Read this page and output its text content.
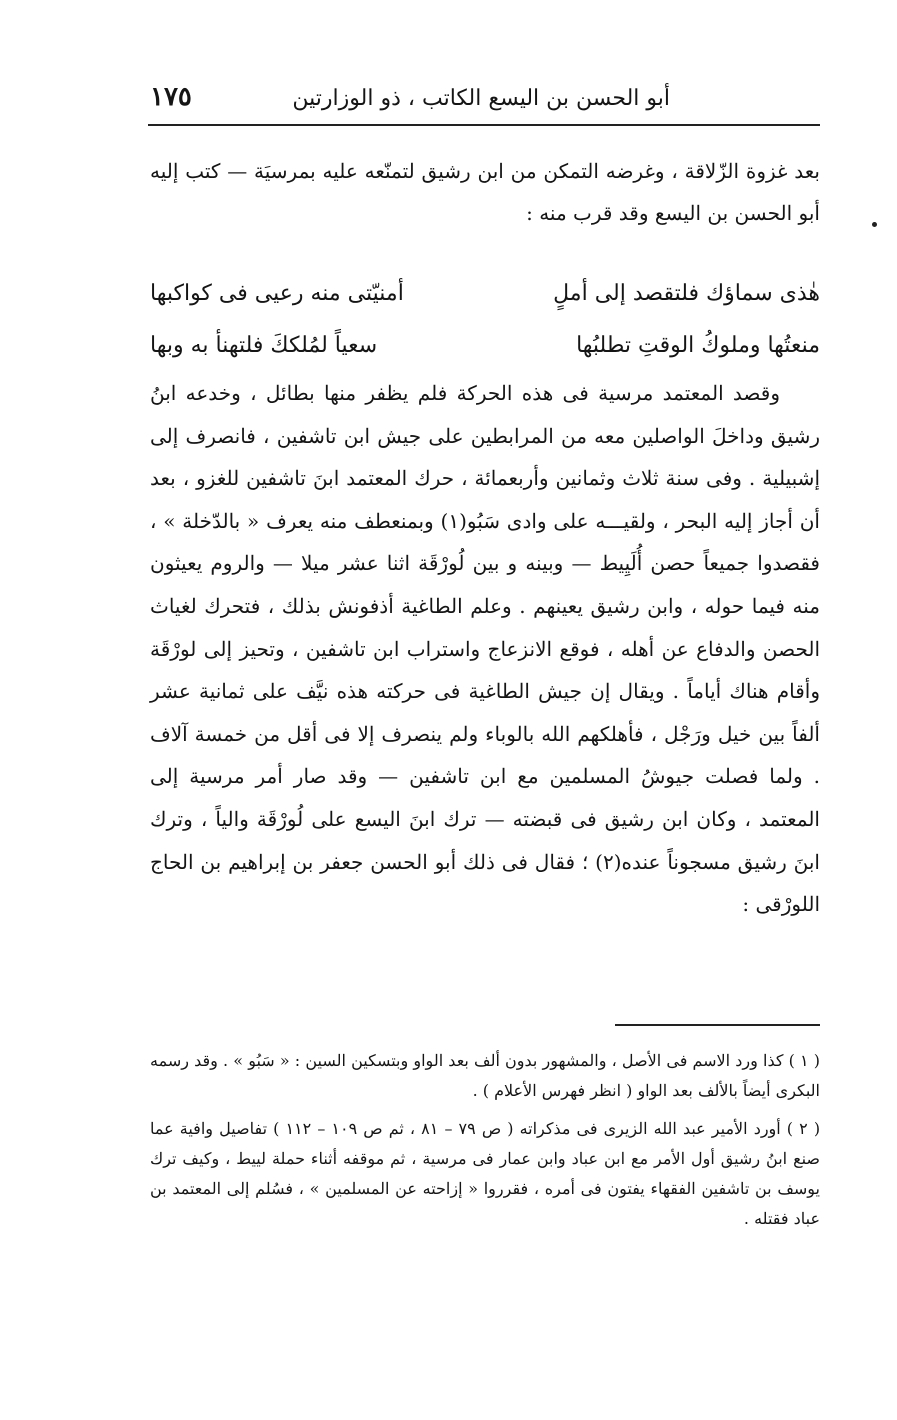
١٧٥	أبو الحسن بن اليسع الكاتب ، ذو الوزارتين

بعد غزوة الزّلاقة ، وغرضه التمكن من ابن رشيق لتمنّعه عليه بمرسيَة — كتب إليه أبو الحسن بن اليسع وقد قرب منه :

هٰذى سماؤك فلتقصد إلى أملٍ
أمنيّتى منه رعيى فى كواكبها
منعتُها وملوكُ الوقتِ تطلبُها
سعياً لمُلككَ فلتهنأ به وبها

وقصد المعتمد مرسية فى هذه الحركة فلم يظفر منها بطائل ، وخدعه ابنُ رشيق وداخلَ الواصلين معه من المرابطين على جيش ابن تاشفين ، فانصرف إلى إشبيلية . وفى سنة ثلاث وثمانين وأربعمائة ، حرك المعتمد ابنَ تاشفين للغزو ، بعد أن أجاز إليه البحر ، ولقيـــه على وادى سَبُو(١) وبمنعطف منه يعرف « بالدّخلة » ، فقصدوا جميعاً حصن أُلَيِيط — وبينه و بين لُورْقَة اثنا عشر ميلا — والروم يعيثون منه فيما حوله ، وابن رشيق يعينهم . وعلم الطاغية أذفونش بذلك ، فتحرك لغياث الحصن والدفاع عن أهله ، فوقع الانزعاج واستراب ابن تاشفين ، وتحيز إلى لورْقَة وأقام هناك أياماً . ويقال إن جيش الطاغية فى حركته هذه نيَّف على ثمانية عشر ألفاً بين خيل ورَجْل ، فأهلكهم الله بالوباء ولم ينصرف إلا فى أقل من خمسة آلاف . ولما فصلت جيوشُ المسلمين مع ابن تاشفين — وقد صار أمر مرسية إلى المعتمد ، وكان ابن رشيق فى قبضته — ترك ابنَ اليسع على لُورْقَة والياً ، وترك ابنَ رشيق مسجوناً عنده(٢) ؛ فقال فى ذلك أبو الحسن جعفر بن إبراهيم بن الحاج اللورْقى :

( ١ ) كذا ورد الاسم فى الأصل ، والمشهور بدون ألف بعد الواو وبتسكين السين : « سَبُو » . وقد رسمه البكرى أيضاً بالألف بعد الواو ( انظر فهرس الأعلام ) .

( ٢ ) أورد الأمير عبد الله الزيرى فى مذكراته ( ص ٧٩ – ٨١ ، ثم ص ١٠٩ – ١١٢ ) تفاصيل وافية عما صنع ابنُ رشيق أول الأمر مع ابن عباد وابن عمار فى مرسية ، ثم موقفه أثناء حملة لييط ، وكيف ترك يوسف بن تاشفين الفقهاء يفتون فى أمره ، فقرروا « إزاحته عن المسلمين » ، فسُلم إلى المعتمد بن عباد فقتله .
